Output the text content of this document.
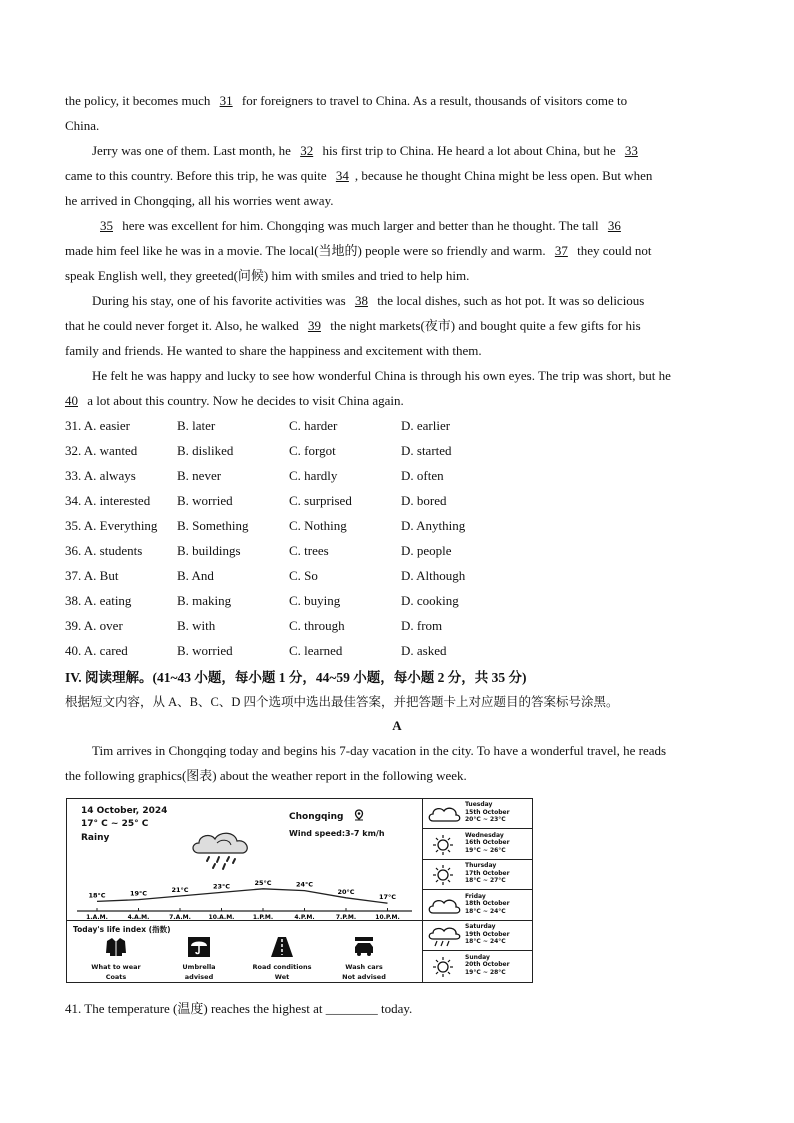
the policy, it becomes much 31 for foreigners to travel to China. As a result, thousands of visitors come to
China.
Jerry was one of them. Last month, he 32 his first trip to China. He heard a lot about China, but he 33
came to this country. Before this trip, he was quite 34 , because he thought China might be less open. But when
he arrived in Chongqing, all his worries went away.
35 here was excellent for him. Chongqing was much larger and better than he thought. The tall 36
made him feel like he was in a movie. The local(当地的) people were so friendly and warm. 37 they could not
speak English well, they greeted(问候) him with smiles and tried to help him.
During his stay, one of his favorite activities was 38 the local dishes, such as hot pot. It was so delicious
that he could never forget it. Also, he walked 39 the night markets(夜市) and bought quite a few gifts for his
family and friends. He wanted to share the happiness and excitement with them.
He felt he was happy and lucky to see how wonderful China is through his own eyes. The trip was short, but he
40 a lot about this country. Now he decides to visit China again.
31. A. easier	B. later	C. harder	D. earlier
32. A. wanted	B. disliked	C. forgot	D. started
33. A. always	B. never	C. hardly	D. often
34. A. interested B. worried	C. surprised	D. bored
35. A. Everything B. Something	C. Nothing	D. Anything
36. A. students	B. buildings	C. trees	D. people
37. A. But	B. And	C. So	D. Although
38. A. eating	B. making	C. buying	D. cooking
39. A. over	B. with	C. through	D. from
40. A. cared	B. worried	C. learned	D. asked
IV. 阅读理解。(41~43 小题，每小题 1 分，44~59 小题，每小题 2 分，共 35 分)
根据短文内容，从 A、B、C、D 四个选项中选出最佳答案，并把答题卡上对应题目的答案标号涂黑。
A
Tim arrives in Chongqing today and begins his 7-day vacation in the city. To have a wonderful travel, he reads
the following graphics(图表) about the weather report in the following week.
14 October, 2024
17° C ~ 25° C
Rainy
Chongqing
Wind speed:3-7 km/h
18°C
1.A.M.
19°C
4.A.M.
21°C
7.A.M.
23°C
10.A.M.
25°C
1.P.M.
24°C
4.P.M.
20°C
7.P.M.
17°C
10.P.M.
Today's life index (指数)
What to wear
Coats
Umbrella
advised
Road conditions
Wet
Wash cars
Not advised
Tuesday
15th October
20°C ~ 23°C
Wednesday
16th October
19°C ~ 26°C
Thursday
17th October
18°C ~ 27°C
Friday
18th October
18°C ~ 24°C
Saturday
19th October
18°C ~ 24°C
Sunday
20th October
19°C ~ 28°C
41. The temperature (温度) reaches the highest at ________ today.
